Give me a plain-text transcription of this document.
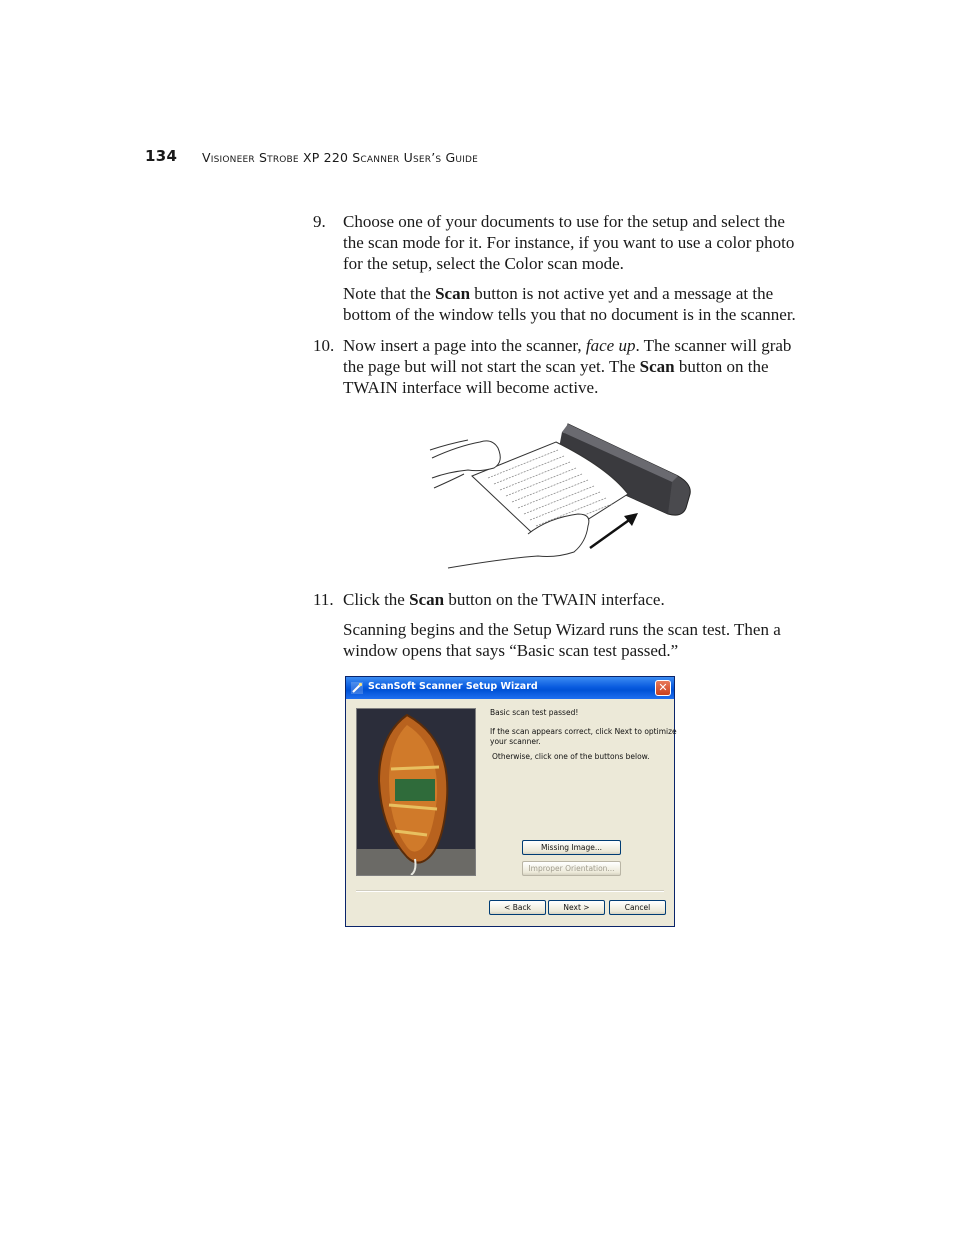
134 Visioneer Strobe XP 220 Scanner User’s Guide
9. Choose one of your documents to use for the setup and select the
the scan mode for it. For instance, if you want to use a color photo
for the setup, select the Color scan mode.
Note that the Scan button is not active yet and a message at the
bottom of the window tells you that no document is in the scanner.
10. Now insert a page into the scanner, face up. The scanner will grab
the page but will not start the scan yet. The Scan button on the
TWAIN interface will become active.
11. Click the Scan button on the TWAIN interface.
Scanning begins and the Setup Wizard runs the scan test. Then a
window opens that says “Basic scan test passed.”
ScanSoft Scanner Setup Wizard	✕
Basic scan test passed!
If the scan appears correct, click Next to optimize
your scanner.
Otherwise, click one of the buttons below.
Missing Image...
Improper Orientation...
< Back	Next >	Cancel
